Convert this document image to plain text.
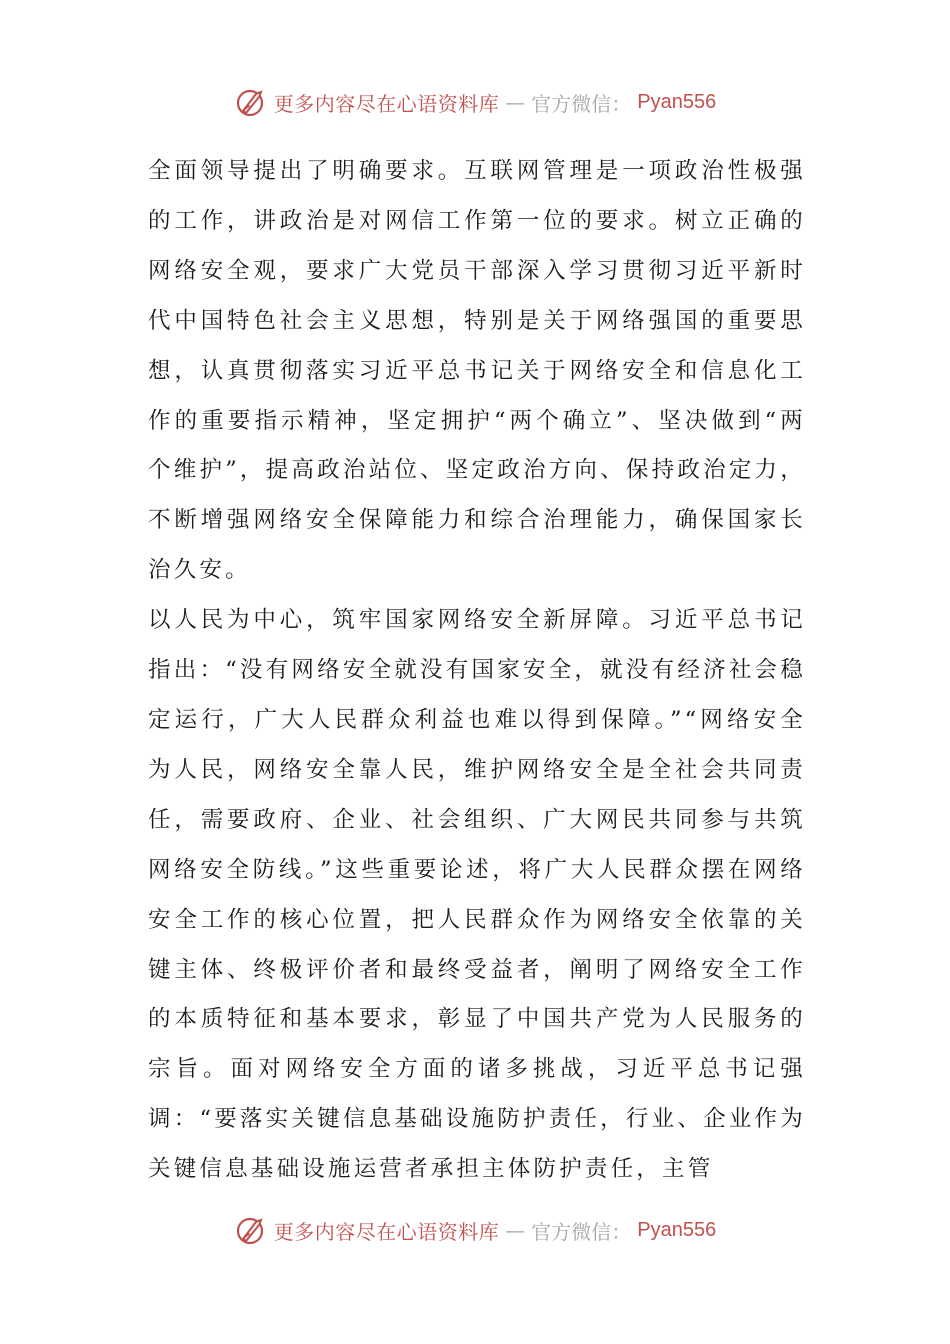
更多内容尽在心语资料库 — 官方微信： Pyan556

全面领导提出了明确要求。互联网管理是一项政治性极强的工作，讲政治是对网信工作第一位的要求。树立正确的网络安全观，要求广大党员干部深入学习贯彻习近平新时代中国特色社会主义思想，特别是关于网络强国的重要思想，认真贯彻落实习近平总书记关于网络安全和信息化工作的重要指示精神，坚定拥护“两个确立”、坚决做到“两个维护”，提高政治站位、坚定政治方向、保持政治定力，不断增强网络安全保障能力和综合治理能力，确保国家长治久安。

以人民为中心，筑牢国家网络安全新屏障。习近平总书记指出：“没有网络安全就没有国家安全，就没有经济社会稳定运行，广大人民群众利益也难以得到保障。”“网络安全为人民，网络安全靠人民，维护网络安全是全社会共同责任，需要政府、企业、社会组织、广大网民共同参与共筑网络安全防线。”这些重要论述，将广大人民群众摆在网络安全工作的核心位置，把人民群众作为网络安全依靠的关键主体、终极评价者和最终受益者，阐明了网络安全工作的本质特征和基本要求，彰显了中国共产党为人民服务的宗旨。面对网络安全方面的诸多挑战，习近平总书记强调：“要落实关键信息基础设施防护责任，行业、企业作为关键信息基础设施运营者承担主体防护责任，主管

更多内容尽在心语资料库 — 官方微信： Pyan556
